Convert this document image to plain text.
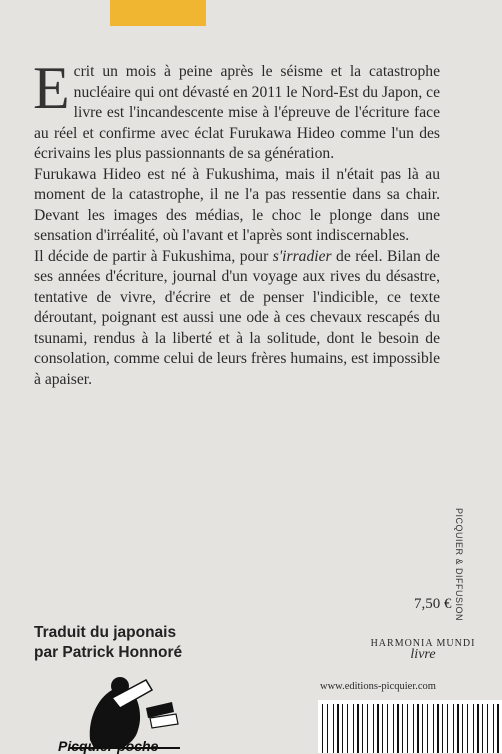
Ecrit un mois à peine après le séisme et la catastrophe nucléaire qui ont dévasté en 2011 le Nord-Est du Japon, ce livre est l'incandescente mise à l'épreuve de l'écriture face au réel et confirme avec éclat Furukawa Hideo comme l'un des écrivains les plus passionnants de sa génération.

Furukawa Hideo est né à Fukushima, mais il n'était pas là au moment de la catastrophe, il ne l'a pas ressentie dans sa chair. Devant les images des médias, le choc le plonge dans une sensation d'irréalité, où l'avant et l'après sont indiscernables.

Il décide de partir à Fukushima, pour s'irradier de réel. Bilan de ses années d'écriture, journal d'un voyage aux rives du désastre, tentative de vivre, d'écrire et de penser l'indicible, ce texte déroutant, poignant est aussi une ode à ces chevaux rescapés du tsunami, rendus à la liberté et à la solitude, dont le besoin de consolation, comme celui de leurs frères humains, est impossible à apaiser.

7,50 € PICQUIER & DIFFUSION
Traduit du japonais
par Patrick Honnoré
HARMONIA MUNDI
livre
www.editions-picquier.com
Picquier poche
